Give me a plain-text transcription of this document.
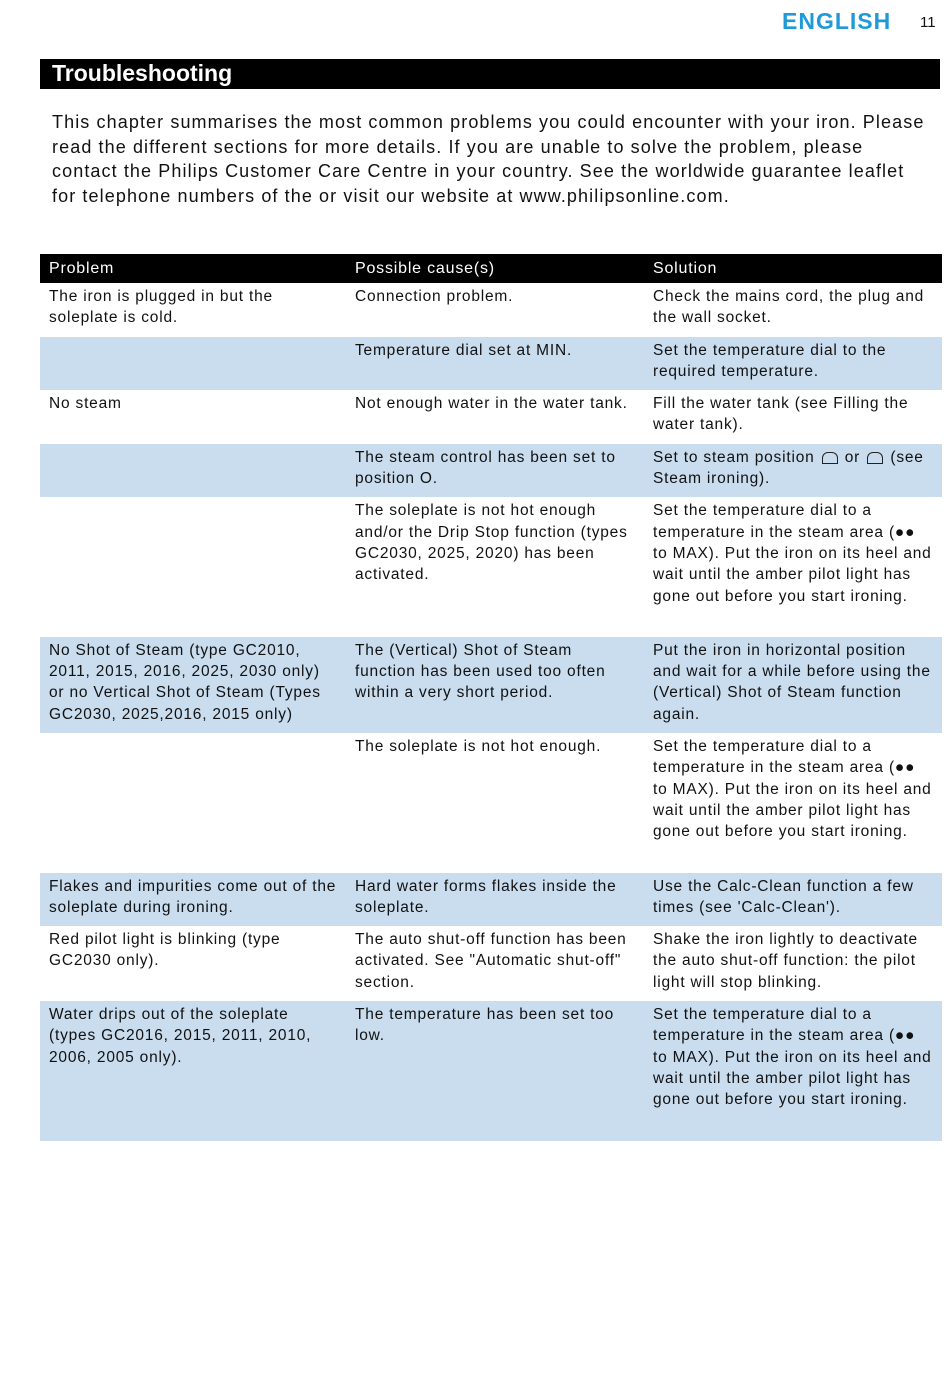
ENGLISH 11
Troubleshooting
This chapter summarises the most common problems you could encounter with your iron. Please read the different sections for more details. If you are unable to solve the problem, please contact the Philips Customer Care Centre in your country. See the worldwide guarantee leaflet for telephone numbers of the or visit our website at www.philipsonline.com.
Problem	Possible cause(s)	Solution
The iron is plugged in but the soleplate is cold.	Connection problem.	Check the mains cord, the plug and the wall socket.
	Temperature dial set at MIN.	Set the temperature dial to the required temperature.
No steam	Not enough water in the water tank.	Fill the water tank (see Filling the water tank).
	The steam control has been set to position O.	Set to steam position or (see Steam ironing).
	The soleplate is not hot enough and/or the Drip Stop function (types GC2030, 2025, 2020) has been activated.	Set the temperature dial to a temperature in the steam area (●● to MAX). Put the iron on its heel and wait until the amber pilot light has gone out before you start ironing.
No Shot of Steam (type GC2010, 2011, 2015, 2016, 2025, 2030 only) or no Vertical Shot of Steam (Types GC2030, 2025,2016, 2015 only)	The (Vertical) Shot of Steam function has been used too often within a very short period.	Put the iron in horizontal position and wait for a while before using the (Vertical) Shot of Steam function again.
	The soleplate is not hot enough.	Set the temperature dial to a temperature in the steam area (●● to MAX). Put the iron on its heel and wait until the amber pilot light has gone out before you start ironing.
Flakes and impurities come out of the soleplate during ironing.	Hard water forms flakes inside the soleplate.	Use the Calc-Clean function a few times (see 'Calc-Clean').
Red pilot light is blinking (type GC2030 only).	The auto shut-off function has been activated. See "Automatic shut-off" section.	Shake the iron lightly to deactivate the auto shut-off function: the pilot light will stop blinking.
Water drips out of the soleplate (types GC2016, 2015, 2011, 2010, 2006, 2005 only).	The temperature has been set too low.	Set the temperature dial to a temperature in the steam area (●● to MAX). Put the iron on its heel and wait until the amber pilot light has gone out before you start ironing.
